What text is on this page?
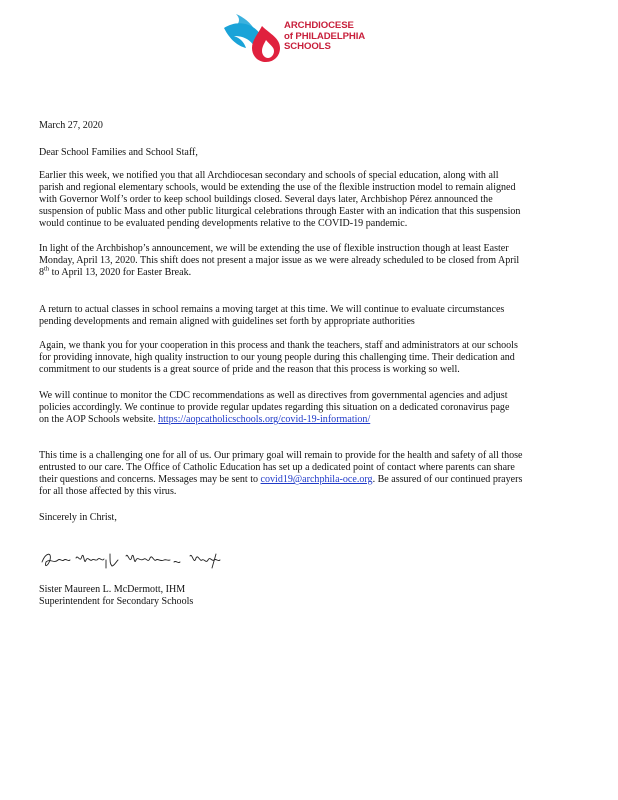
ARCHDIOCESE
of PHILADELPHIA
SCHOOLS
March 27, 2020
Dear School Families and School Staff,
Earlier this week, we notified you that all Archdiocesan secondary and schools of special education, along with all
parish and regional elementary schools, would be extending the use of the flexible instruction model to remain aligned
with Governor Wolf’s order to keep school buildings closed. Several days later, Archbishop Pérez announced the
suspension of public Mass and other public liturgical celebrations through Easter with an indication that this suspension
would continue to be evaluated pending developments relative to the COVID-19 pandemic.
In light of the Archbishop’s announcement, we will be extending the use of flexible instruction though at least Easter
Monday, April 13, 2020. This shift does not present a major issue as we were already scheduled to be closed from April
8th to April 13, 2020 for Easter Break.
A return to actual classes in school remains a moving target at this time. We will continue to evaluate circumstances
pending developments and remain aligned with guidelines set forth by appropriate authorities
Again, we thank you for your cooperation in this process and thank the teachers, staff and administrators at our schools
for providing innovate, high quality instruction to our young people during this challenging time. Their dedication and
commitment to our students is a great source of pride and the reason that this process is working so well.
We will continue to monitor the CDC recommendations as well as directives from governmental agencies and adjust
policies accordingly. We continue to provide regular updates regarding this situation on a dedicated coronavirus page
on the AOP Schools website. https://aopcatholicschools.org/covid-19-information/
This time is a challenging one for all of us. Our primary goal will remain to provide for the health and safety of all those
entrusted to our care. The Office of Catholic Education has set up a dedicated point of contact where parents can share
their questions and concerns. Messages may be sent to covid19@archphila-oce.org. Be assured of our continued prayers
for all those affected by this virus.
Sincerely in Christ,
Sister Maureen L. McDermott, IHM
Superintendent for Secondary Schools
